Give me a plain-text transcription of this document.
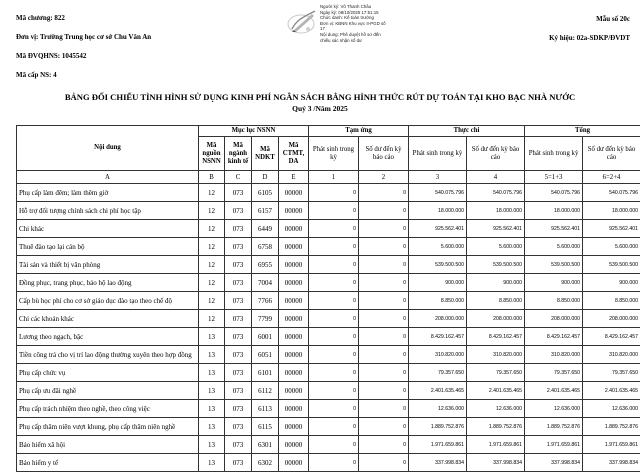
Mã chương: 822
Đơn vị: Trường Trung học cơ sở Chu Văn An
Mã ĐVQHNS: 1045542
Mã cấp NS: 4
Người ký: Võ Thanh Châu
Ngày ký: 08/10/2025 17:51:15
Chức danh: Kế toán trưởng
Đơn vị: KBNN Khu vực II-PGD số
17
Nội dung: Phê duyệt hồ sơ đến
chiếu xác nhận số dư
Mẫu số 20c
Ký hiệu: 02a-SDKP/ĐVDT
BẢNG ĐỐI CHIẾU TÌNH HÌNH SỬ DỤNG KINH PHÍ NGÂN SÁCH BẰNG HÌNH THỨC RÚT DỰ TOÁN TẠI KHO BẠC NHÀ NƯỚC
Quý 3 /Năm 2025
Nội dung	Mục lục NSNN				Tạm ứng		Thực chi		Tổng	
	Mã nguồn NSNN	Mã ngành kinh tế	Mã NDKT	Mã CTMT, DA	Phát sinh trong kỳ	Số dư đến kỳ báo cáo	Phát sinh trong kỳ	Số dư đến kỳ báo cáo	Phát sinh trong kỳ	Số dư đến kỳ báo cáo
A	B	C	D	E	1	2	3	4	5=1+3	6=2+4
Phụ cấp làm đêm; làm thêm giờ	12	073	6105	00000	0	0	540.075.796	540.075.796	540.075.796	540.075.796
Hỗ trợ đối tượng chính sách chi phí học tập	12	073	6157	00000	0	0	18.000.000	18.000.000	18.000.000	18.000.000
Chi khác	12	073	6449	00000	0	0	925.562.401	925.562.401	925.562.401	925.562.401
Thuê đào tạo lại cán bộ	12	073	6758	00000	0	0	5.600.000	5.600.000	5.600.000	5.600.000
Tài sản và thiết bị văn phòng	12	073	6955	00000	0	0	539.500.500	539.500.500	539.500.500	539.500.500
Đồng phục, trang phục, bảo hộ lao động	12	073	7004	00000	0	0	900.000	900.000	900.000	900.000
Cấp bù học phí cho cơ sở giáo dục đào tạo theo chế độ	12	073	7766	00000	0	0	8.850.000	8.850.000	8.850.000	8.850.000
Chi các khoản khác	12	073	7799	00000	0	0	208.000.000	208.000.000	208.000.000	208.000.000
Lương theo ngạch, bậc	13	073	6001	00000	0	0	8.429.162.457	8.429.162.457	8.429.162.457	8.429.162.457
Tiền công trả cho vị trí lao động thường xuyên theo hợp đồng	13	073	6051	00000	0	0	310.820.000	310.820.000	310.820.000	310.820.000
Phụ cấp chức vụ	13	073	6101	00000	0	0	79.357.650	79.357.650	79.357.650	79.357.650
Phụ cấp ưu đãi nghề	13	073	6112	00000	0	0	2.401.635.465	2.401.635.465	2.401.635.465	2.401.635.465
Phụ cấp trách nhiệm theo nghề, theo công việc	13	073	6113	00000	0	0	12.636.000	12.636.000	12.636.000	12.636.000
Phụ cấp thâm niên vượt khung, phụ cấp thâm niên nghề	13	073	6115	00000	0	0	1.889.752.876	1.889.752.876	1.889.752.876	1.889.752.876
Bảo hiểm xã hội	13	073	6301	00000	0	0	1.971.659.861	1.971.659.861	1.971.659.861	1.971.659.861
Bảo hiểm y tế	13	073	6302	00000	0	0	337.998.834	337.998.834	337.998.834	337.998.834
